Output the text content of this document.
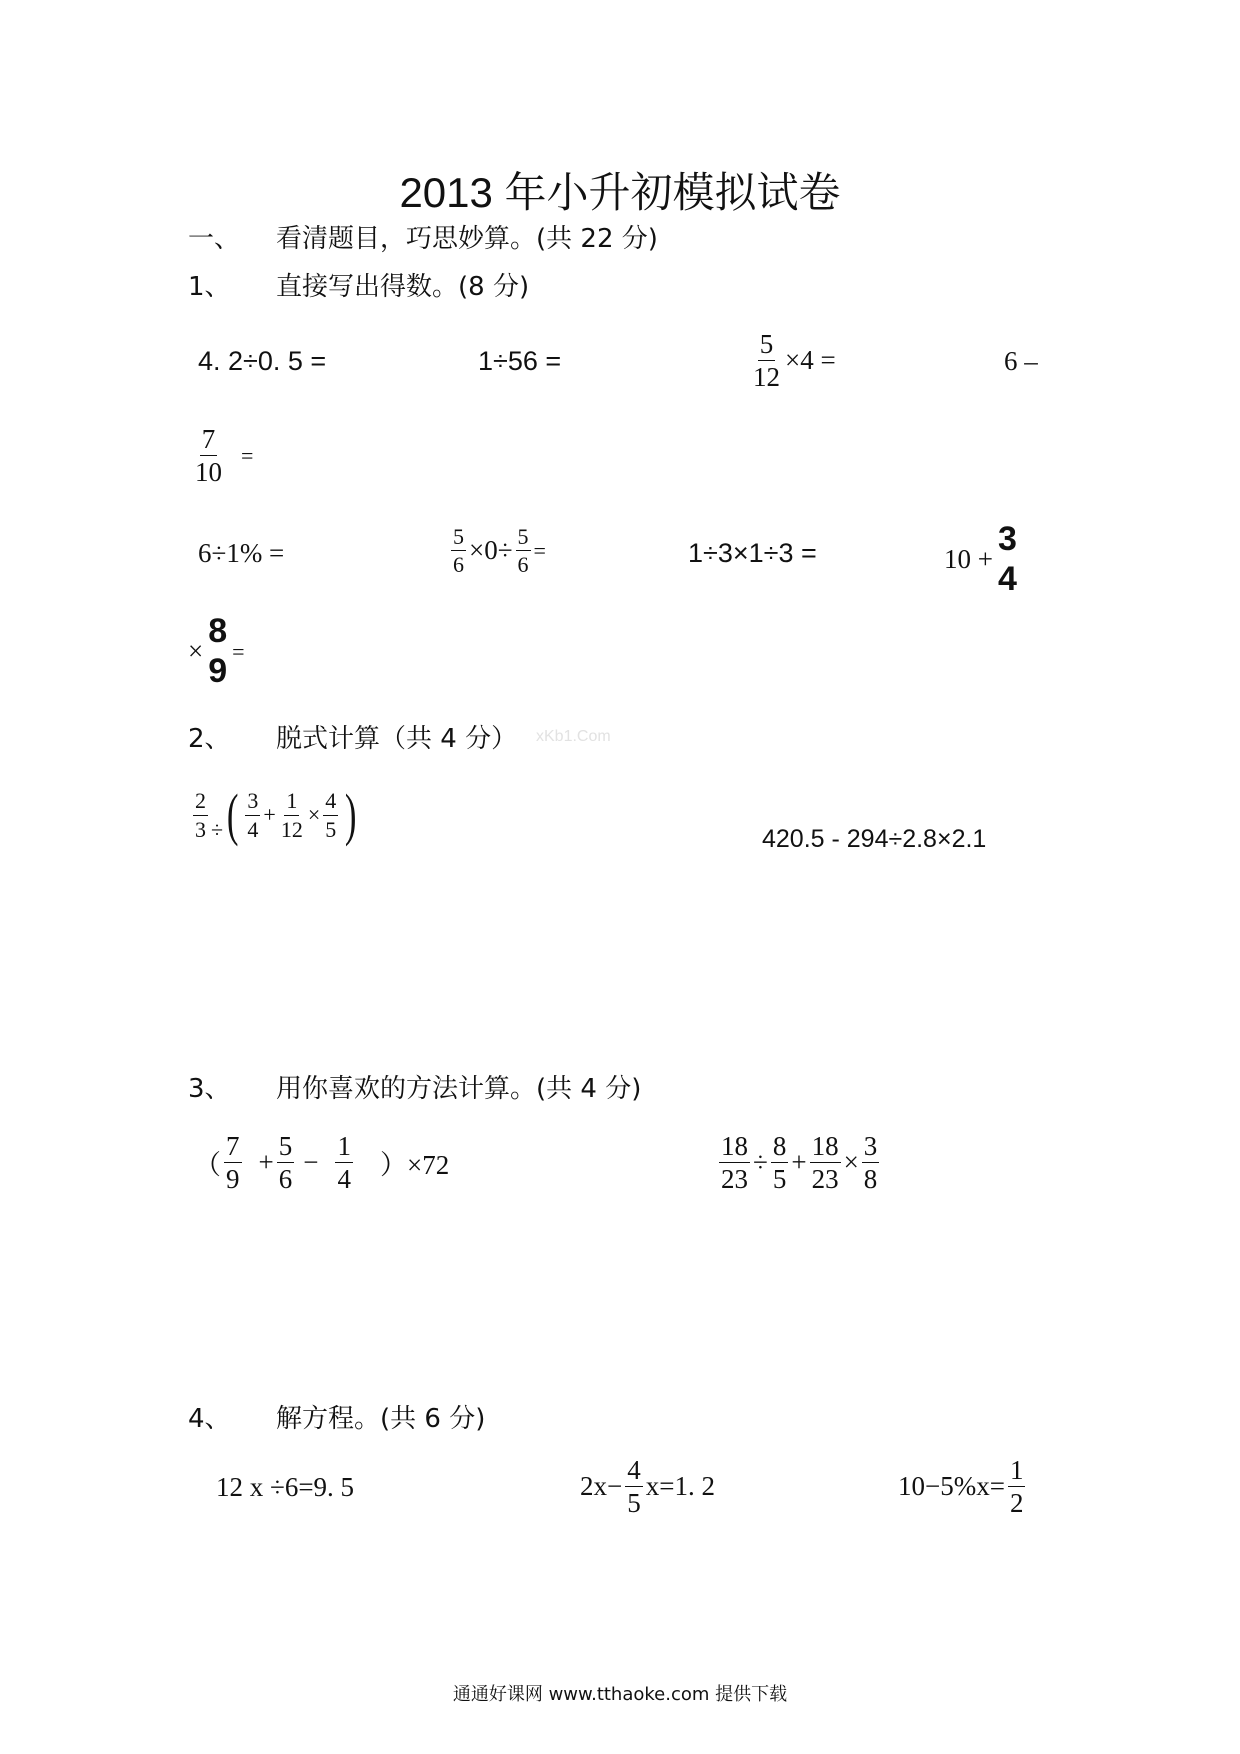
2013 年小升初模拟试卷
一、 看清题目，巧思妙算。(共 22 分)
1、 直接写出得数。(8 分)
4. 2÷0. 5 =	1÷56 =	$\frac{5}{12} \times 4$ =	6 –
$\frac{7}{10}$ =
6÷1% =	$\frac{5}{6} \times 0\div \frac{5}{6}$ =	1÷3×1÷3 =	10 +
3
4
×
8
9
=
2、 脱式计算（共 4 分） xKb1.Com
$\frac{2}{3}$ ÷ ( $\frac{3}{4} + \frac{1}{12} \times \frac{4}{5}$ )	420.5 - 294÷2.8×2.1
3、 用你喜欢的方法计算。(共 4 分)
（ $\frac{7}{9} + \frac{5}{6} - \frac{1}{4} )\times 72$	$\frac{18}{23} \div \frac{8}{5} + \frac{18}{23} \times \frac{3}{8}$
4、 解方程。(共 6 分)
12 x ÷6=9. 5	$2x- \frac{4}{5} x=1$. 2	$10-5\%x= \frac{1}{2}$
通通好课网 www.tthaoke.com 提供下载
